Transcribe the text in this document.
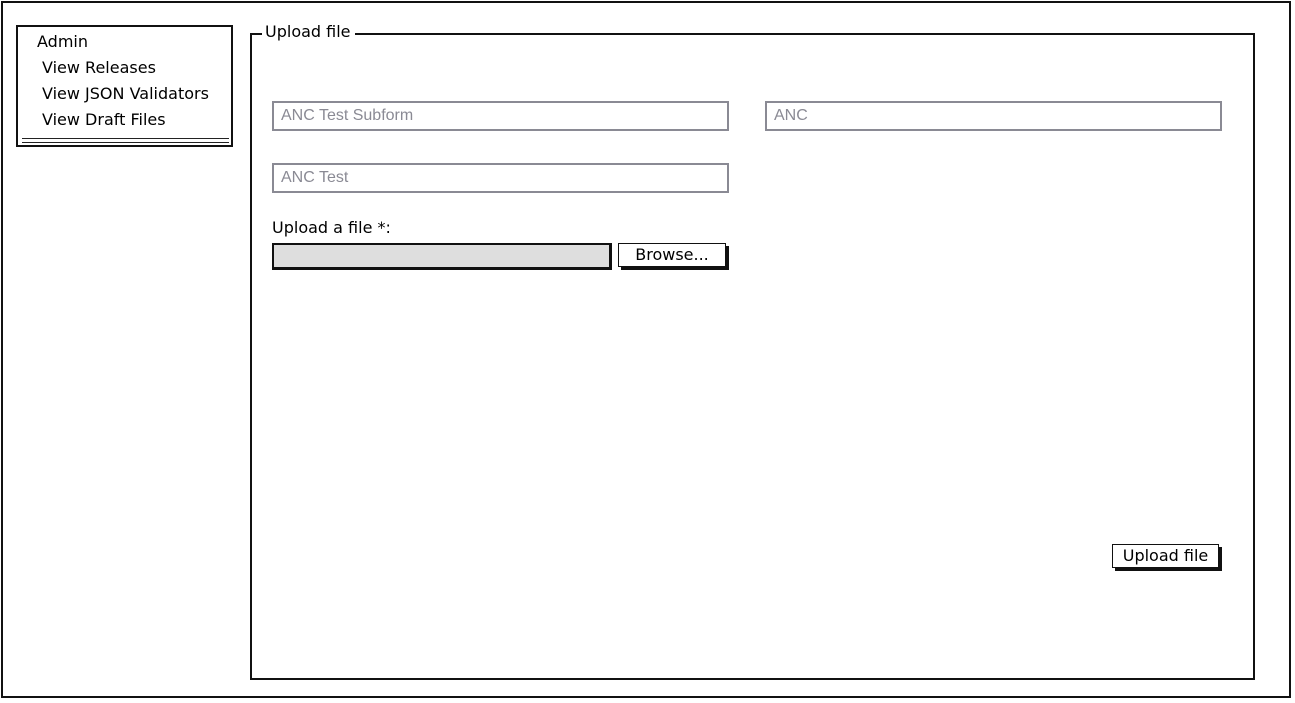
Admin
View Releases
View JSON Validators
View Draft Files
Upload file
ANC Test Subform	ANC
ANC Test
Upload a file *:
Browse...
Upload file
